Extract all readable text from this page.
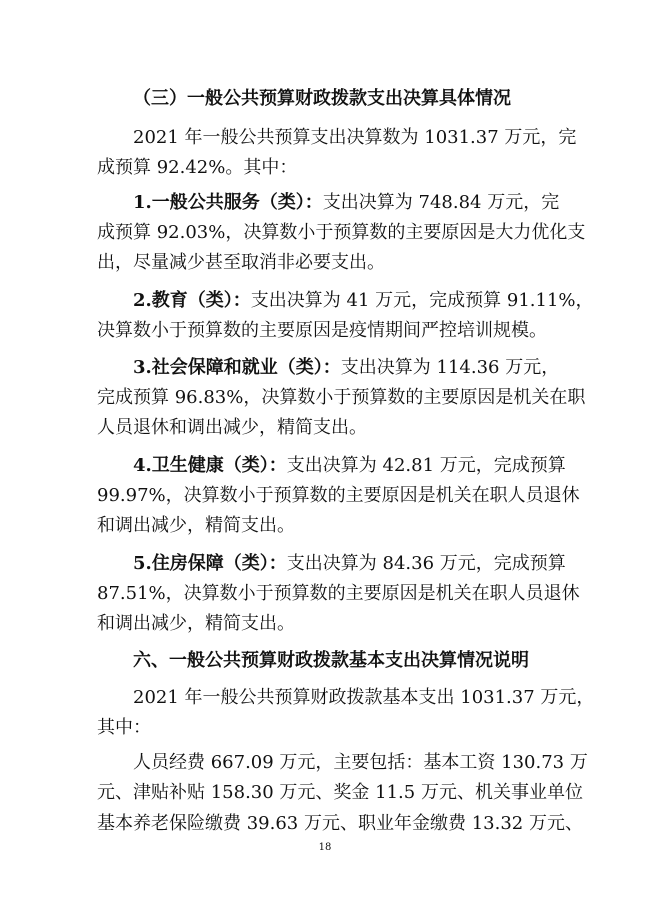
（三）一般公共预算财政拨款支出决算具体情况
2021 年一般公共预算支出决算数为 1031.37 万元，完
成预算 92.42%。其中：
1.一般公共服务（类）：支出决算为 748.84 万元，完
成预算 92.03%，决算数小于预算数的主要原因是大力优化支
出，尽量减少甚至取消非必要支出。
2.教育（类）：支出决算为 41 万元，完成预算 91.11%，
决算数小于预算数的主要原因是疫情期间严控培训规模。
3.社会保障和就业（类）：支出决算为 114.36 万元，
完成预算 96.83%，决算数小于预算数的主要原因是机关在职
人员退休和调出减少，精简支出。
4.卫生健康（类）：支出决算为 42.81 万元，完成预算
99.97%，决算数小于预算数的主要原因是机关在职人员退休
和调出减少，精简支出。
5.住房保障（类）：支出决算为 84.36 万元，完成预算
87.51%，决算数小于预算数的主要原因是机关在职人员退休
和调出减少，精简支出。
六、一般公共预算财政拨款基本支出决算情况说明
2021 年一般公共预算财政拨款基本支出 1031.37 万元，
其中：
人员经费 667.09 万元，主要包括：基本工资 130.73 万
元、津贴补贴 158.30 万元、奖金 11.5 万元、机关事业单位
基本养老保险缴费 39.63 万元、职业年金缴费 13.32 万元、
18
